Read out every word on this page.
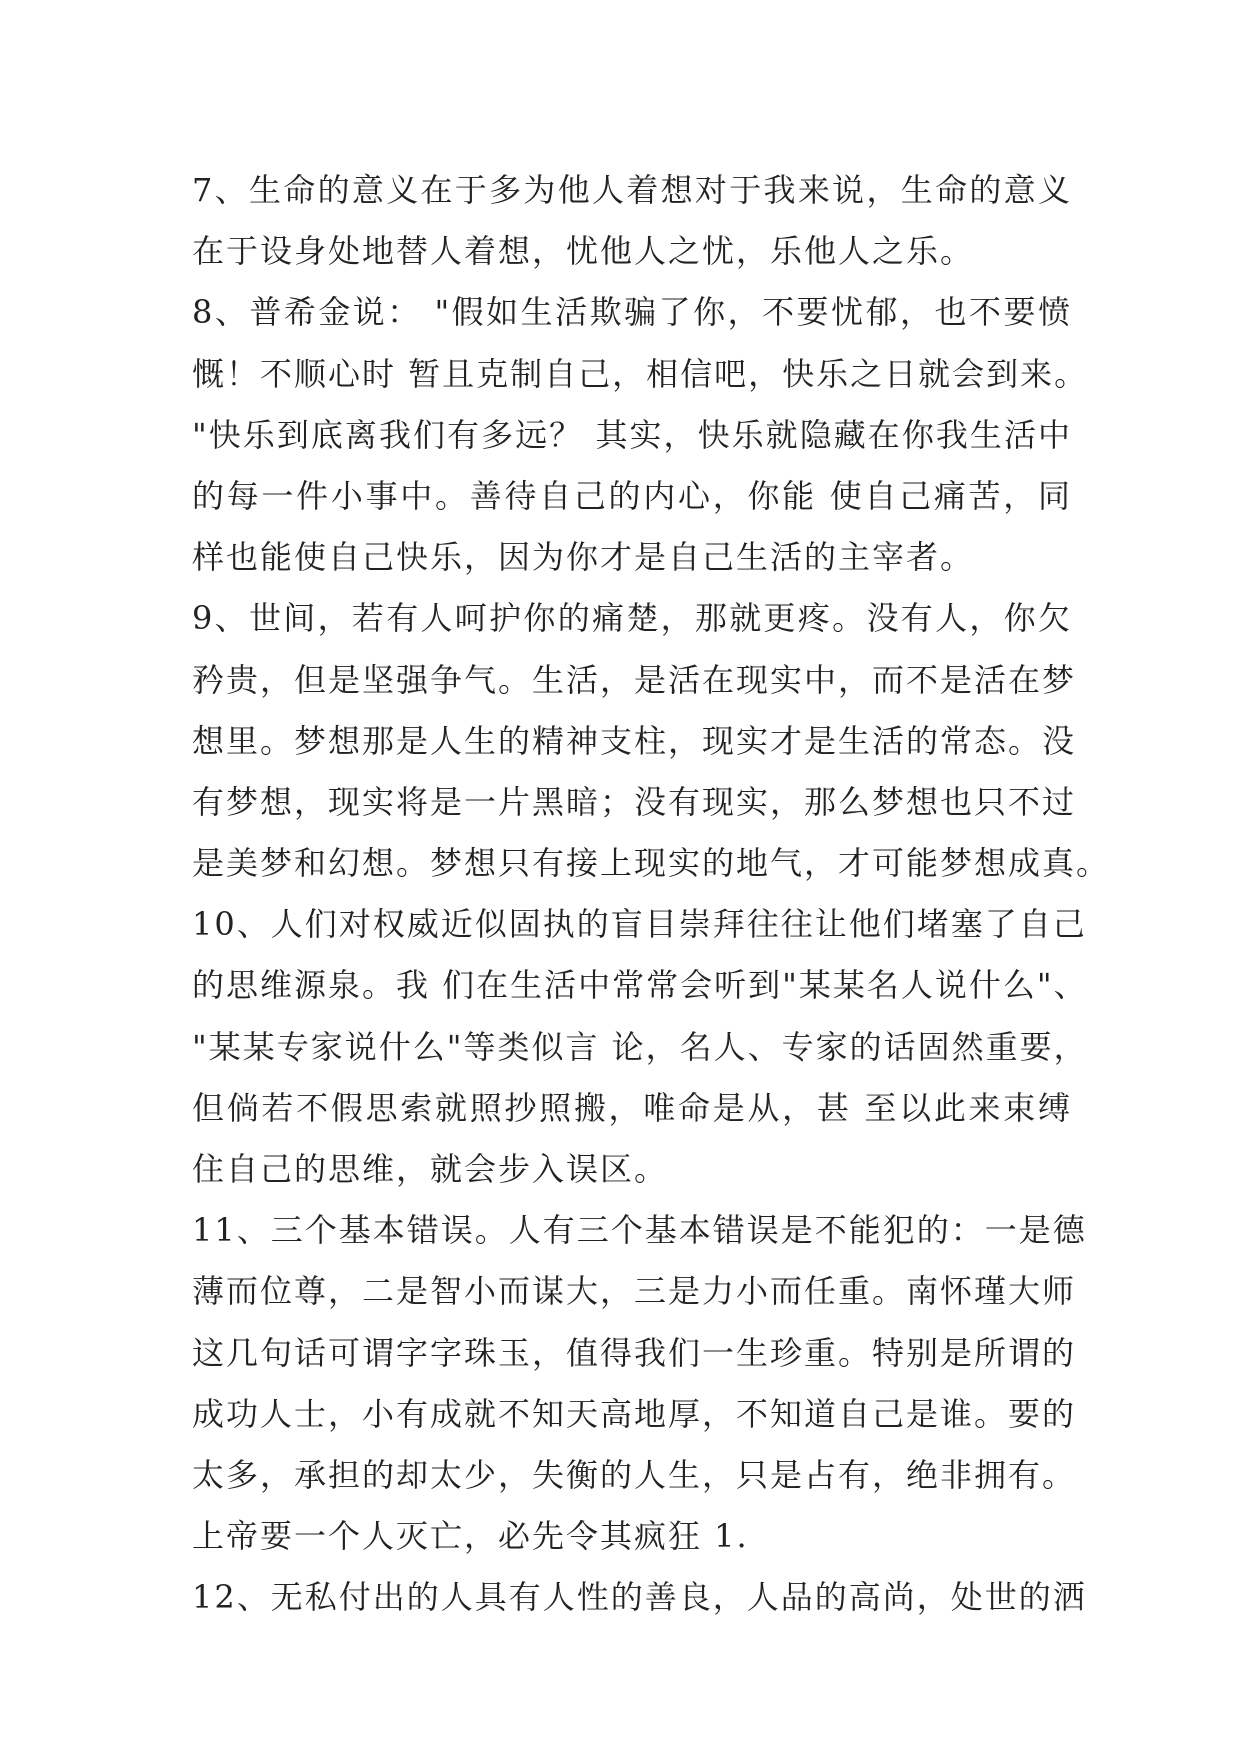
7、生命的意义在于多为他人着想对于我来说，生命的意义
在于设身处地替人着想，忧他人之忧，乐他人之乐。
8、普希金说： "假如生活欺骗了你，不要忧郁，也不要愤
慨！不顺心时 暂且克制自己，相信吧，快乐之日就会到来。
"快乐到底离我们有多远？ 其实，快乐就隐藏在你我生活中
的每一件小事中。善待自己的内心，你能 使自己痛苦，同
样也能使自己快乐，因为你才是自己生活的主宰者。
9、世间，若有人呵护你的痛楚，那就更疼。没有人，你欠
矜贵，但是坚强争气。生活，是活在现实中，而不是活在梦
想里。梦想那是人生的精神支柱，现实才是生活的常态。没
有梦想，现实将是一片黑暗；没有现实，那么梦想也只不过
是美梦和幻想。梦想只有接上现实的地气，才可能梦想成真。
10、人们对权威近似固执的盲目崇拜往往让他们堵塞了自己
的思维源泉。我 们在生活中常常会听到"某某名人说什么"、
"某某专家说什么"等类似言 论，名人、专家的话固然重要，
但倘若不假思索就照抄照搬，唯命是从，甚 至以此来束缚
住自己的思维，就会步入误区。
11、三个基本错误。人有三个基本错误是不能犯的：一是德
薄而位尊，二是智小而谋大，三是力小而任重。南怀瑾大师
这几句话可谓字字珠玉，值得我们一生珍重。特别是所谓的
成功人士，小有成就不知天高地厚，不知道自己是谁。要的
太多，承担的却太少，失衡的人生，只是占有，绝非拥有。
上帝要一个人灭亡，必先令其疯狂 1.
12、无私付出的人具有人性的善良，人品的高尚，处世的洒
